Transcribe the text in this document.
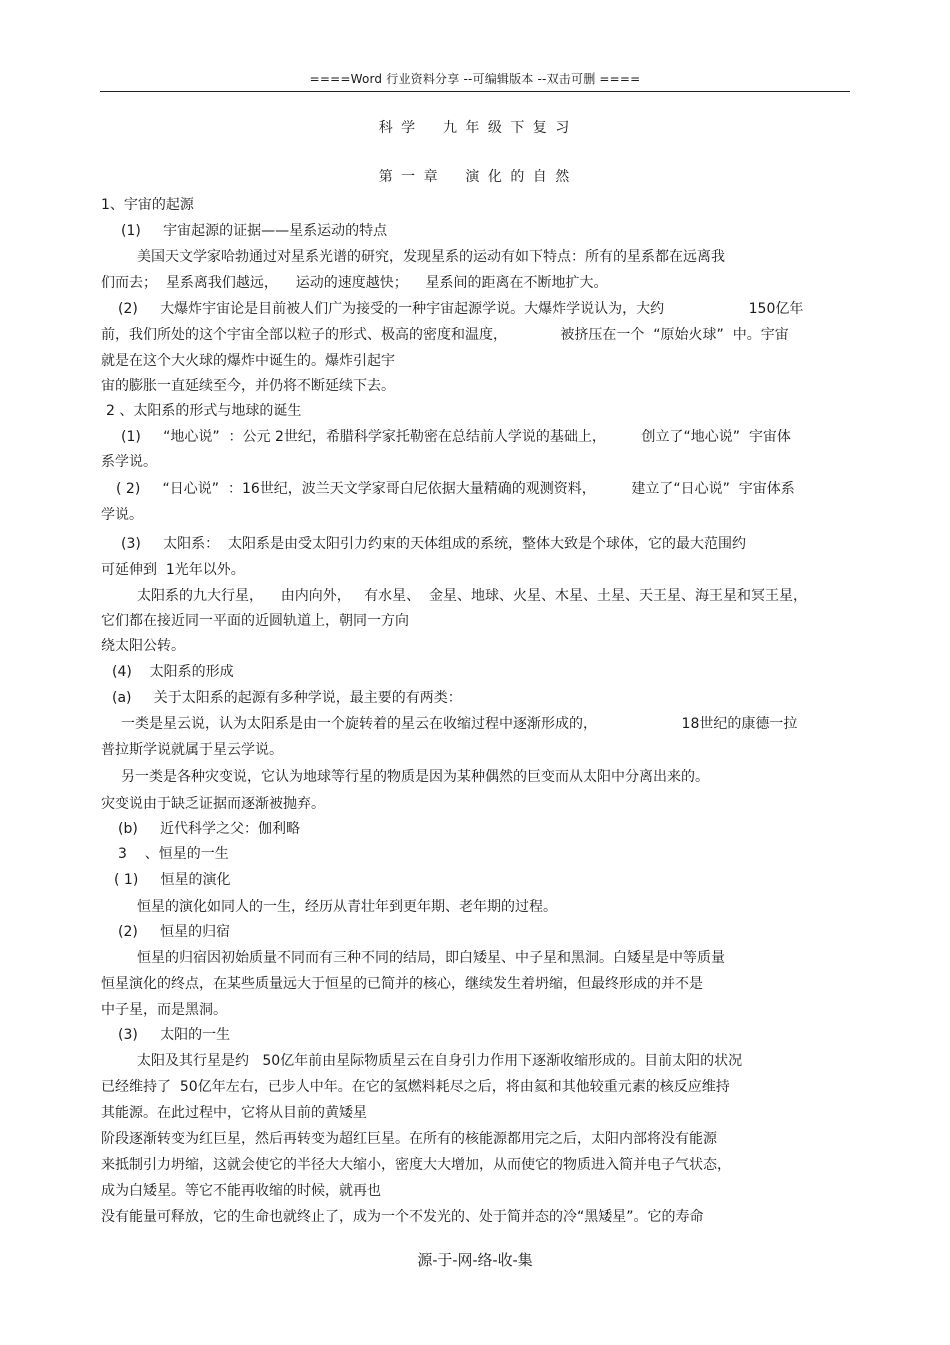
====Word 行业资料分享 --可编辑版本 --双击可删 ====
科 学    九 年 级 下 复 习
第 一 章    演 化 的 自 然
1、宇宙的起源
(1)     宇宙起源的证据——星系运动的特点
美国天文学家哈勃通过对星系光谱的研究，发现星系的运动有如下特点：所有的星系都在远离我
们而去；  星系离我们越远，    运动的速度越快；    星系间的距离在不断地扩大。
(2)     大爆炸宇宙论是目前被人们广为接受的一种宇宙起源学说。大爆炸学说认为，大约                   150亿年
前，我们所处的这个宇宙全部以粒子的形式、极高的密度和温度，            被挤压在一个  “原始火球”  中。宇宙
就是在这个大火球的爆炸中诞生的。爆炸引起宇
宙的膨胀一直延续至今，并仍将不断延续下去。
2 、太阳系的形式与地球的诞生
(1)     “地心说”  ：公元 2世纪，希腊科学家托勒密在总结前人学说的基础上，        创立了“地心说”  宇宙体
系学说。
( 2)     “日心说”  ：16世纪，波兰天文学家哥白尼依据大量精确的观测资料，        建立了“日心说”  宇宙体系
学说。
(3)     太阳系：  太阳系是由受太阳引力约束的天体组成的系统，整体大致是个球体，它的最大范围约
可延伸到  1光年以外。
太阳系的九大行星，    由内向外，   有水星、  金星、地球、火星、木星、土星、天王星、海王星和冥王星，
它们都在接近同一平面的近圆轨道上，朝同一方向
绕太阳公转。
(4)    太阳系的形成
(a)     关于太阳系的起源有多种学说，最主要的有两类：
一类是星云说，认为太阳系是由一个旋转着的星云在收缩过程中逐渐形成的，                   18世纪的康德一拉
普拉斯学说就属于星云学说。
另一类是各种灾变说，它认为地球等行星的物质是因为某种偶然的巨变而从太阳中分离出来的。
灾变说由于缺乏证据而逐渐被抛弃。
(b)     近代科学之父：伽利略
3    、恒星的一生
( 1)     恒星的演化
恒星的演化如同人的一生，经历从青壮年到更年期、老年期的过程。
(2)     恒星的归宿
恒星的归宿因初始质量不同而有三种不同的结局，即白矮星、中子星和黑洞。白矮星是中等质量
恒星演化的终点，在某些质量远大于恒星的已简并的核心，继续发生着坍缩，但最终形成的并不是
中子星，而是黑洞。
(3)     太阳的一生
太阳及其行星是约   50亿年前由星际物质星云在自身引力作用下逐渐收缩形成的。目前太阳的状况
已经维持了  50亿年左右，已步人中年。在它的氢燃料耗尽之后，将由氦和其他较重元素的核反应维持
其能源。在此过程中，它将从目前的黄矮星
阶段逐渐转变为红巨星，然后再转变为超红巨星。在所有的核能源都用完之后，太阳内部将没有能源
来抵制引力坍缩，这就会使它的半径大大缩小，密度大大增加，从而使它的物质进入简并电子气状态，
成为白矮星。等它不能再收缩的时候，就再也
没有能量可释放，它的生命也就终止了，成为一个不发光的、处于简并态的冷“黑矮星”。它的寿命
源-于-网-络-收-集
